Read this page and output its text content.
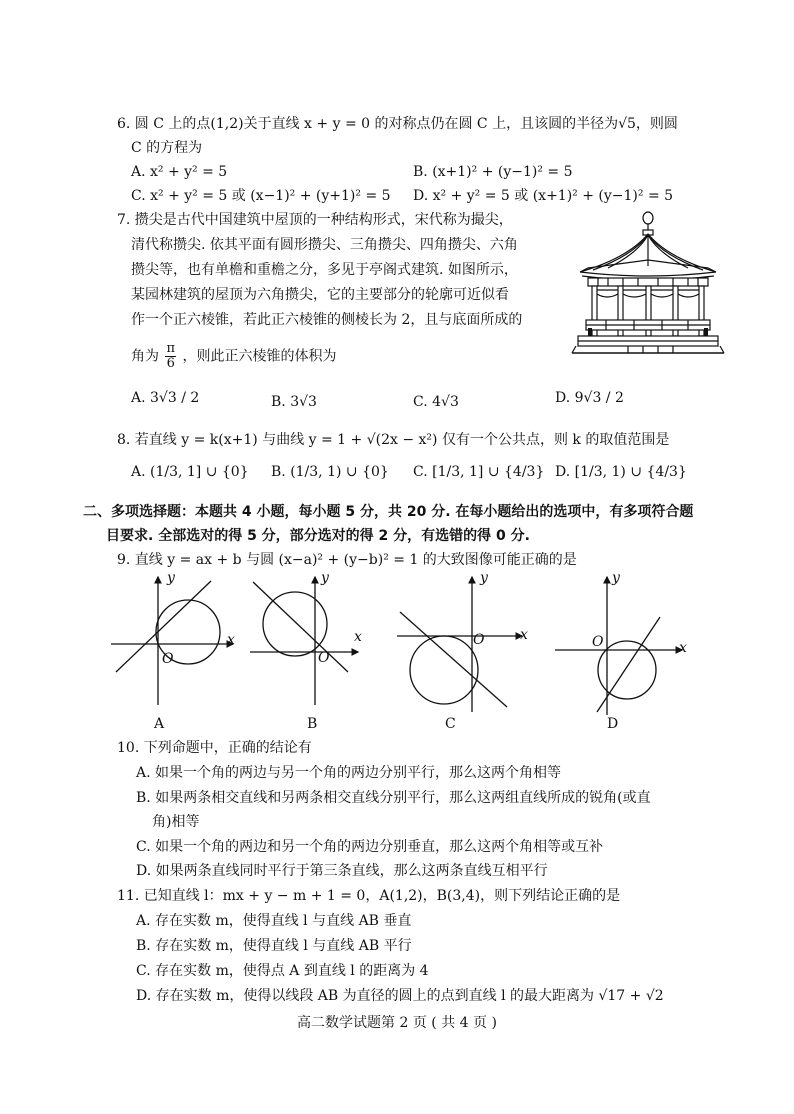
6. 圆 C 上的点(1,2)关于直线 x + y = 0 的对称点仍在圆 C 上，且该圆的半径为√5，则圆
C 的方程为
A. x² + y² = 5	B. (x+1)² + (y−1)² = 5
C. x² + y² = 5 或 (x−1)² + (y+1)² = 5 D. x² + y² = 5 或 (x+1)² + (y−1)² = 5
7. 攒尖是古代中国建筑中屋顶的一种结构形式，宋代称为撮尖，
清代称攒尖. 依其平面有圆形攒尖、三角攒尖、四角攒尖、六角
攒尖等，也有单檐和重檐之分，多见于亭阁式建筑. 如图所示，
某园林建筑的屋顶为六角攒尖，它的主要部分的轮廓可近似看
作一个正六棱锥，若此正六棱锥的侧棱长为 2，且与底面所成的
角为 $\frac{\pi}{6}$ ，则此正六棱锥的体积为
A. 3√3 / 2	B. 3√3	C. 4√3	D. 9√3 / 2
8. 若直线 y = k(x+1) 与曲线 y = 1 + √(2x − x²) 仅有一个公共点，则 k 的取值范围是
A. (1/3, 1] ∪ {0} B. (1/3, 1) ∪ {0} C. [1/3, 1] ∪ {4/3} D. [1/3, 1) ∪ {4/3}
二、多项选择题：本题共 4 小题，每小题 5 分，共 20 分. 在每小题给出的选项中，有多项符合题
目要求. 全部选对的得 5 分，部分选对的得 2 分，有选错的得 0 分.
9. 直线 y = ax + b 与圆 (x−a)² + (y−b)² = 1 的大致图像可能正确的是
y
x
O
y
x
O
y
x
O
y
x
O
A	B	C	D
10. 下列命题中，正确的结论有
A. 如果一个角的两边与另一个角的两边分别平行，那么这两个角相等
B. 如果两条相交直线和另两条相交直线分别平行，那么这两组直线所成的锐角(或直
角)相等
C. 如果一个角的两边和另一个角的两边分别垂直，那么这两个角相等或互补
D. 如果两条直线同时平行于第三条直线，那么这两条直线互相平行
11. 已知直线 l：mx + y − m + 1 = 0，A(1,2)，B(3,4)，则下列结论正确的是
A. 存在实数 m，使得直线 l 与直线 AB 垂直
B. 存在实数 m，使得直线 l 与直线 AB 平行
C. 存在实数 m，使得点 A 到直线 l 的距离为 4
D. 存在实数 m，使得以线段 AB 为直径的圆上的点到直线 l 的最大距离为 √17 + √2
高二数学试题第 2 页 ( 共 4 页 )
